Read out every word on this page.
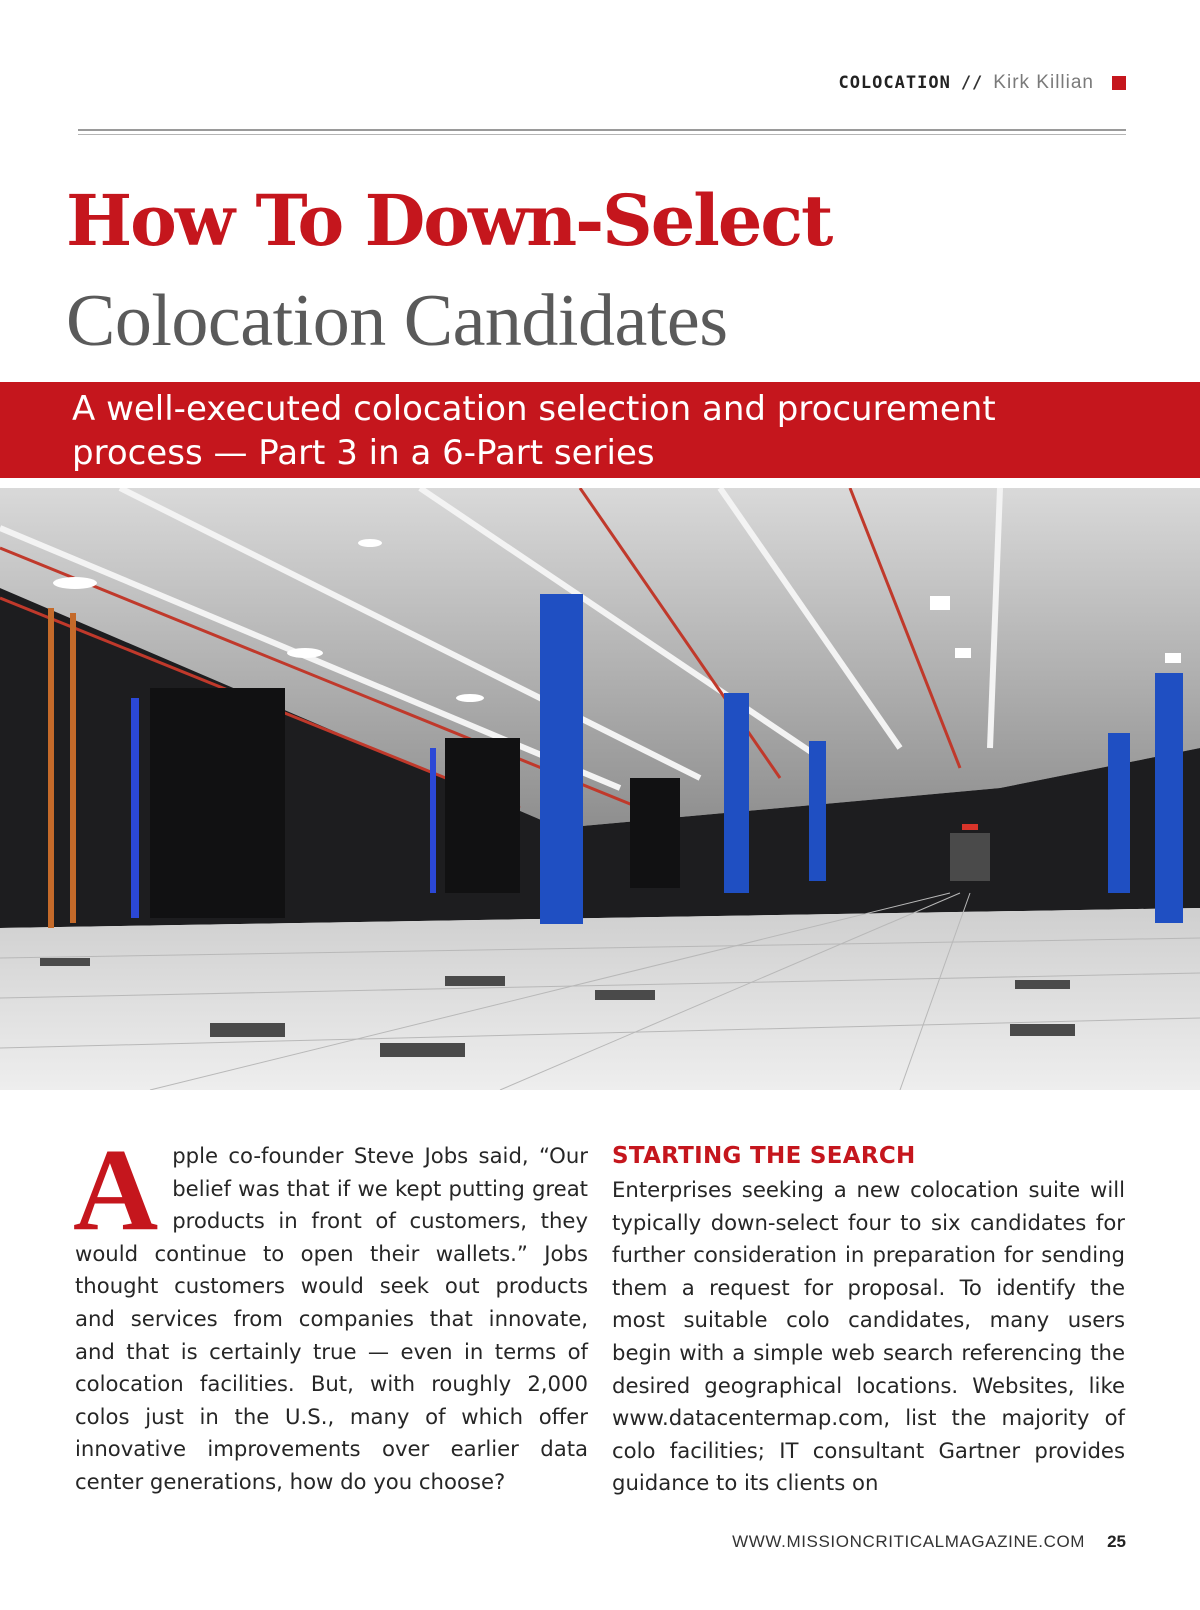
COLOCATION // Kirk Killian
How To Down-Select
Colocation Candidates
A well-executed colocation selection and procurement
process — Part 3 in a 6-Part series
A pple co-founder Steve Jobs said, “Our belief was that if we kept putting great products in front of customers, they would continue to open their wallets.” Jobs thought customers would seek out products and services from companies that innovate, and that is certainly true — even in terms of colocation facilities. But, with roughly 2,000 colos just in the U.S., many of which offer innovative improvements over earlier data center generations, how do you choose?
STARTING THE SEARCH
Enterprises seeking a new colocation suite will typically down-select four to six candidates for further consideration in preparation for sending them a request for proposal. To identify the most suitable colo candidates, many users begin with a simple web search referencing the desired geographical locations. Websites, like www.datacentermap.com, list the majority of colo facilities; IT consultant Gartner provides guidance to its clients on
WWW.MISSIONCRITICALMAGAZINE.COM 25
